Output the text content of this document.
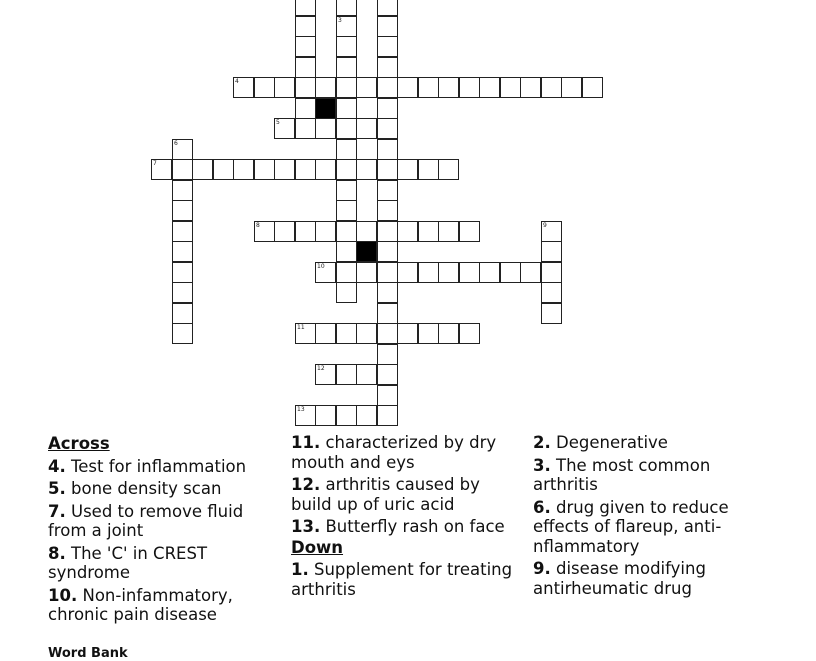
3
4
5
6
7
8	9
10
11
12
13
Across
4. Test for inflammation
5. bone density scan
7. Used to remove fluid from a joint
8. The 'C' in CREST syndrome
10. Non-infammatory, chronic pain disease
11. characterized by dry mouth and eys
12. arthritis caused by build up of uric acid
13. Butterfly rash on face
Down
1. Supplement for treating arthritis
2. Degenerative
3. The most common arthritis
6. drug given to reduce effects of flareup, anti-nflammatory
9. disease modifying antirheumatic drug
Word Bank
